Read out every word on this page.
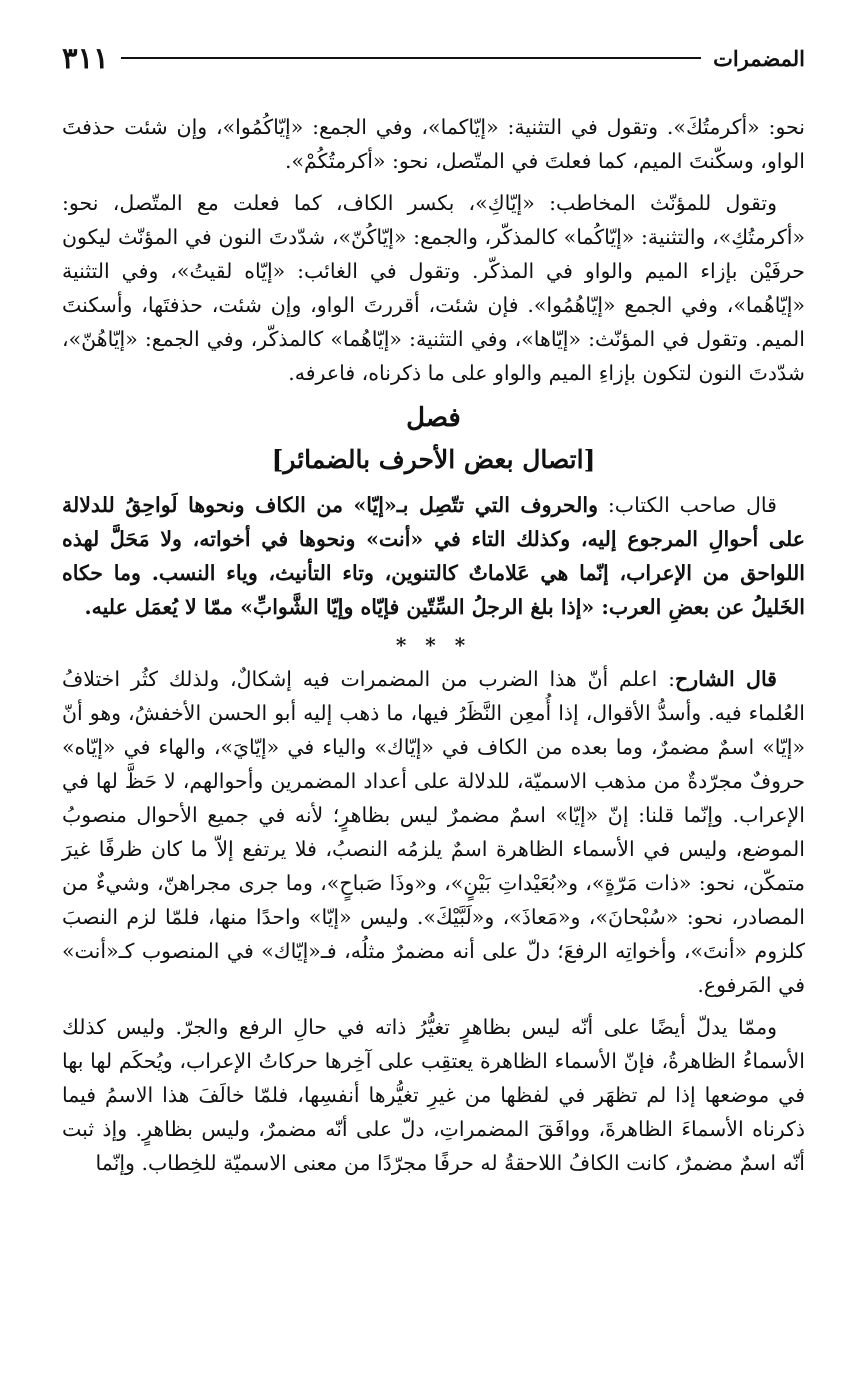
المضمرات
٣١١

نحو: «أكرمتُكَ». وتقول في التثنية: «إيّاكما»، وفي الجمع: «إيّاكُمُوا»، وإن شئت حذفتَ الواو، وسكّنتَ الميم، كما فعلتَ في المتّصل، نحو: «أكرمتُكُمْ».

وتقول للمؤنّث المخاطب: «إيّاكِ»، بكسر الكاف، كما فعلت مع المتّصل، نحو: «أكرمتُكِ»، والتثنية: «إيّاكُما» كالمذكّر، والجمع: «إيّاكُنّ»، شدّدتَ النون في المؤنّث ليكون حرفَيْن بإزاء الميم والواو في المذكّر. وتقول في الغائب: «إيّاه لقيتُ»، وفي التثنية «إيّاهُما»، وفي الجمع «إيّاهُمُوا». فإن شئت، أقررتَ الواو، وإن شئت، حذفتَها، وأسكنتَ الميم. وتقول في المؤنّث: «إيّاها»، وفي التثنية: «إيّاهُما» كالمذكّر، وفي الجمع: «إيّاهُنّ»، شدّدتَ النون لتكون بإزاءِ الميم والواو على ما ذكرناه، فاعرفه.

فصل
[اتصال بعض الأحرف بالضمائر]

قال صاحب الكتاب: والحروف التي تتّصِل بـ«إيّا» من الكاف ونحوها لَواحِقُ للدلالة على أحوالِ المرجوع إليه، وكذلك التاء في «أنت» ونحوها في أخواته، ولا مَحَلَّ لهذه اللواحق من الإعراب، إنّما هي عَلاماتٌ كالتنوين، وتاء التأنيث، وياء النسب. وما حكاه الخَليلُ عن بعضِ العرب: «إذا بلغ الرجلُ السِّتّين فإيّاه وإيّا الشَّوابِّ» ممّا لا يُعمَل عليه.

* * *

قال الشارح: اعلم أنّ هذا الضرب من المضمرات فيه إشكالٌ، ولذلك كثُر اختلافُ العُلماء فيه. وأسدُّ الأقوال، إذا أُمعِن النَّظَرُ فيها، ما ذهب إليه أبو الحسن الأخفشُ، وهو أنّ «إيّا» اسمٌ مضمرٌ، وما بعده من الكاف في «إيّاك» والياء في «إيّايَ»، والهاء في «إيّاه» حروفٌ مجرّدةٌ من مذهب الاسميّة، للدلالة على أعداد المضمرين وأحوالهم، لا حَظَّ لها في الإعراب. وإنّما قلنا: إنّ «إيّا» اسمٌ مضمرٌ ليس بظاهرٍ؛ لأنه في جميع الأحوال منصوبُ الموضع، وليس في الأسماء الظاهرة اسمٌ يلزمُه النصبُ، فلا يرتفع إلاّ ما كان ظرفًا غيرَ متمكّن، نحو: «ذات مَرّةٍ»، و«بُعَيْداتِ بَيْنٍ»، و«وذَا صَباحٍ»، وما جرى مجراهنّ، وشيءٌ من المصادر، نحو: «سُبْحانَ»، و«مَعاذَ»، و«لَبَّيْكَ». وليس «إيّا» واحدًا منها، فلمّا لزم النصبَ كلزوم «أنتَ»، وأخواتِه الرفعَ؛ دلّ على أنه مضمرٌ مثلُه، فـ«إيّاك» في المنصوب كـ«أنت» في المَرفوع.

وممّا يدلّ أيضًا على أنّه ليس بظاهرٍ تغيُّرُ ذاته في حالِ الرفع والجرّ. وليس كذلك الأسماءُ الظاهرةُ، فإنّ الأسماء الظاهرة يعتقِب على آخِرها حركاتُ الإعراب، ويُحكَم لها بها في موضعها إذا لم تظهَر في لفظها من غيرِ تغيُّرها أنفسِها، فلمّا خالَفَ هذا الاسمُ فيما ذكرناه الأسماءَ الظاهرةَ، ووافَقَ المضمراتِ، دلّ على أنّه مضمرٌ، وليس بظاهرٍ. وإذ ثبت أنّه اسمٌ مضمرٌ، كانت الكافُ اللاحقةُ له حرفًا مجرّدًا من معنى الاسميّة للخِطاب. وإنّما
